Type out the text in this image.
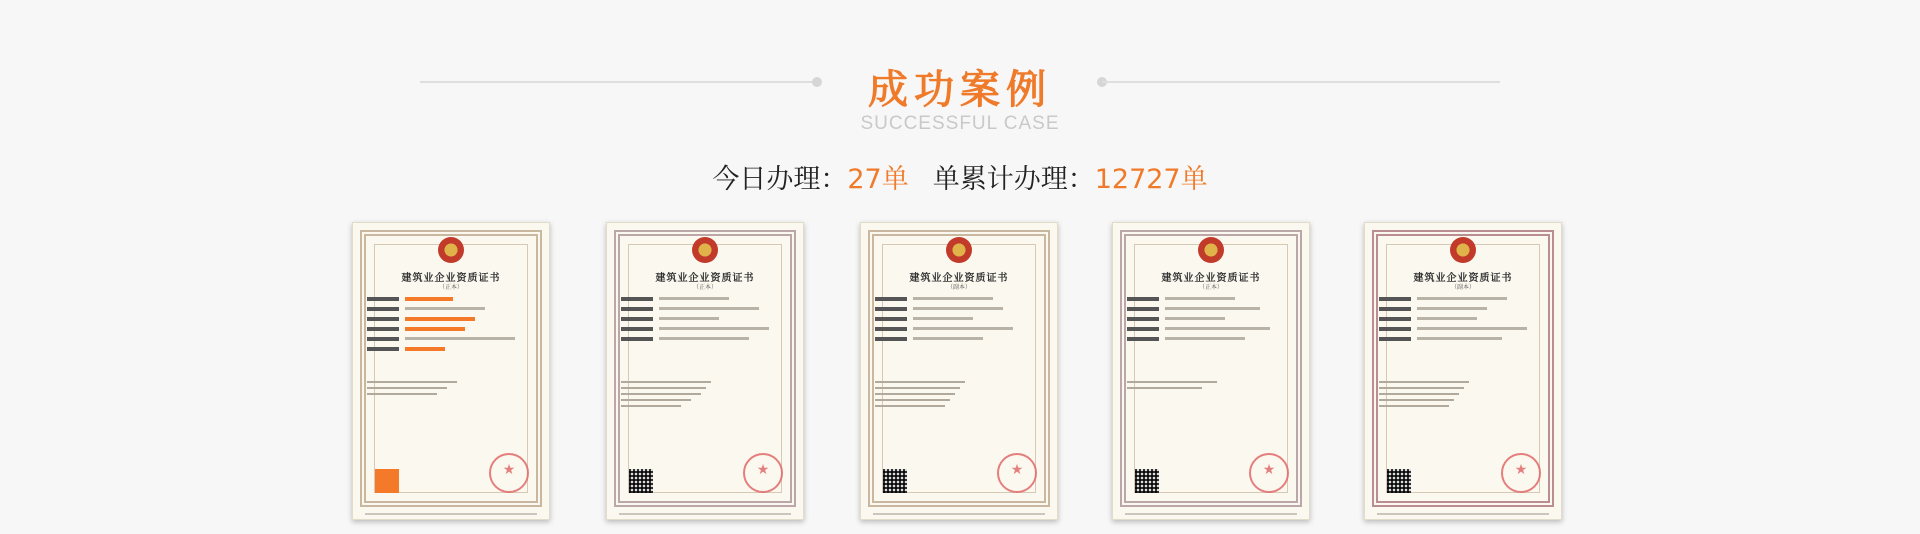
成功案例
SUCCESSFUL CASE
今日办理：27单 单累计办理：12727单
建筑业企业资质证书
（正本）
★
建筑业企业资质证书
（正本）
★
建筑业企业资质证书
（副本）
★
建筑业企业资质证书
（正本）
★
建筑业企业资质证书
（副本）
★
